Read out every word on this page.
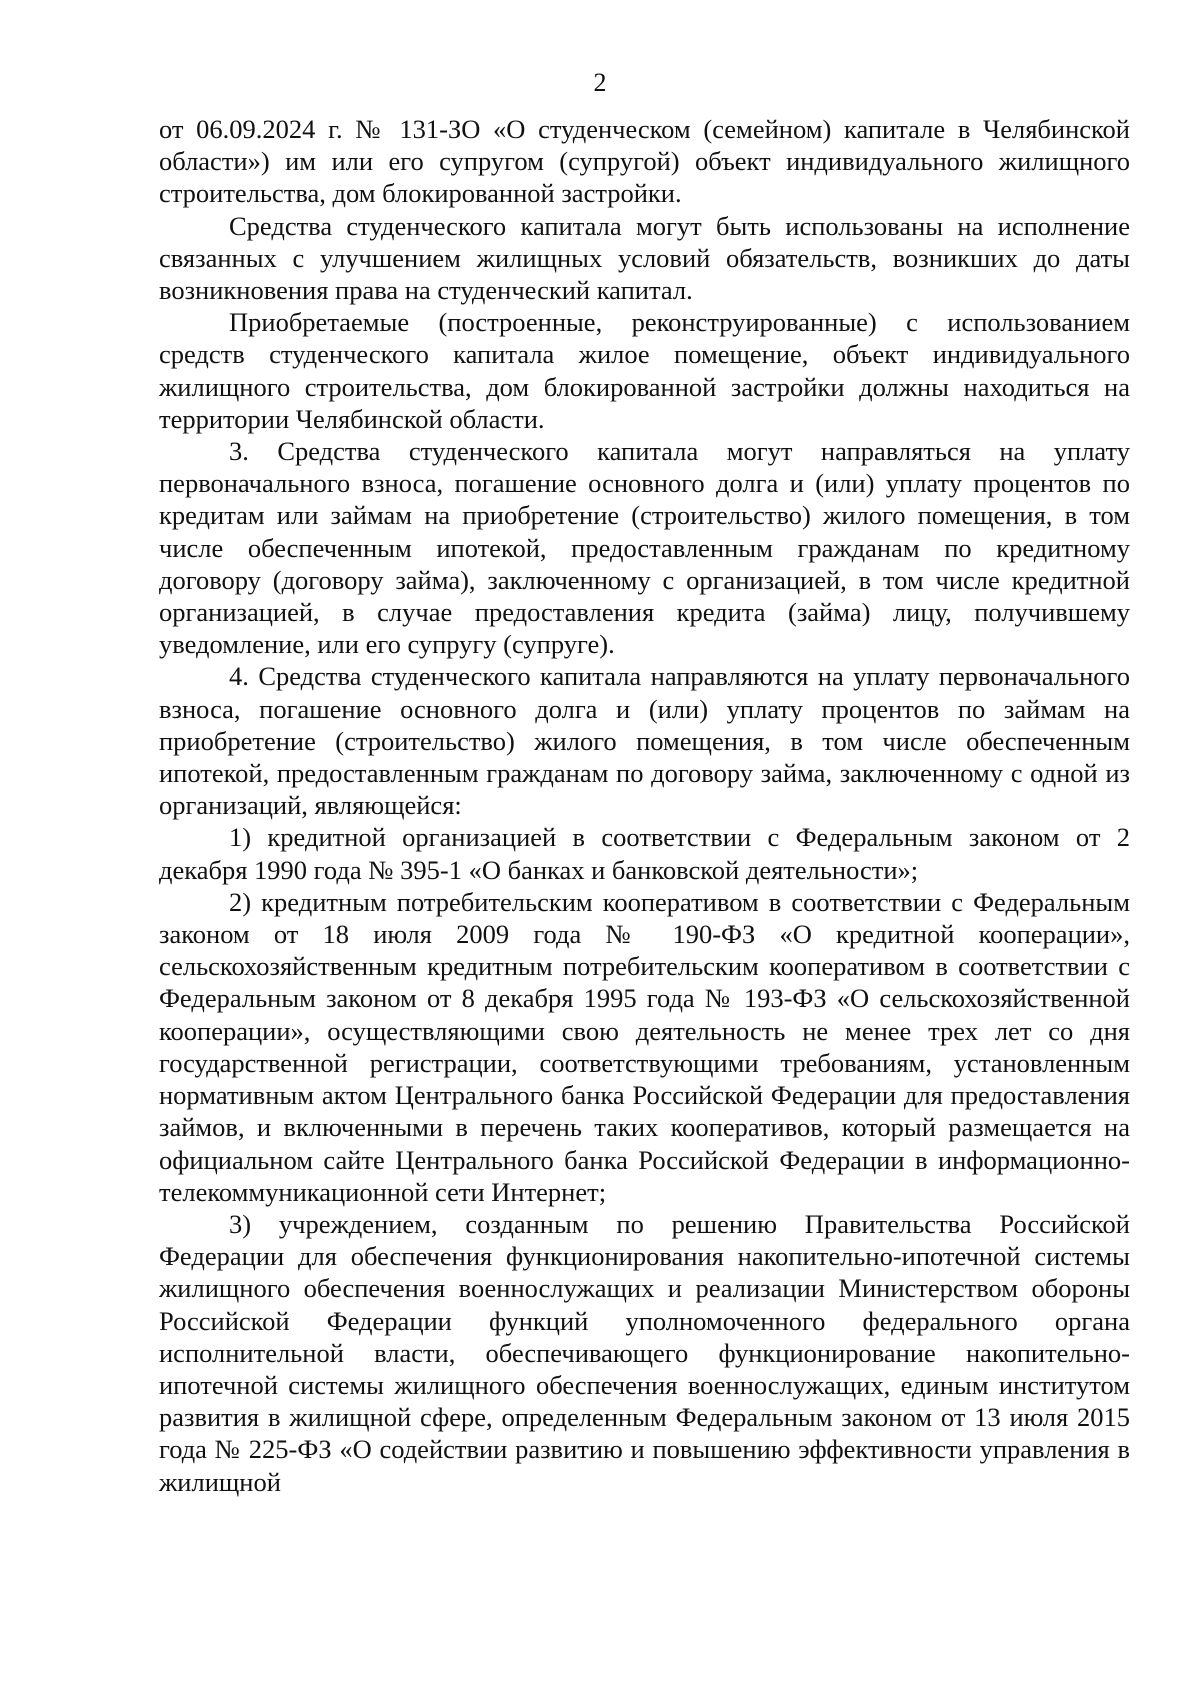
2

от 06.09.2024 г. № 131-ЗО «О студенческом (семейном) капитале в Челябинской области») им или его супругом (супругой) объект индивидуального жилищного строительства, дом блокированной застройки.

Средства студенческого капитала могут быть использованы на исполнение связанных с улучшением жилищных условий обязательств, возникших до даты возникновения права на студенческий капитал.

Приобретаемые (построенные, реконструированные) с использованием средств студенческого капитала жилое помещение, объект индивидуального жилищного строительства, дом блокированной застройки должны находиться на территории Челябинской области.

3. Средства студенческого капитала могут направляться на уплату первоначального взноса, погашение основного долга и (или) уплату процентов по кредитам или займам на приобретение (строительство) жилого помещения, в том числе обеспеченным ипотекой, предоставленным гражданам по кредитному договору (договору займа), заключенному с организацией, в том числе кредитной организацией, в случае предоставления кредита (займа) лицу, получившему уведомление, или его супругу (супруге).

4. Средства студенческого капитала направляются на уплату первоначального взноса, погашение основного долга и (или) уплату процентов по займам на приобретение (строительство) жилого помещения, в том числе обеспеченным ипотекой, предоставленным гражданам по договору займа, заключенному с одной из организаций, являющейся:

1) кредитной организацией в соответствии с Федеральным законом от 2 декабря 1990 года № 395-1 «О банках и банковской деятельности»;

2) кредитным потребительским кооперативом в соответствии с Федеральным законом от 18 июля 2009 года № 190-ФЗ «О кредитной кооперации», сельскохозяйственным кредитным потребительским кооперативом в соответствии с Федеральным законом от 8 декабря 1995 года № 193-ФЗ «О сельскохозяйственной кооперации», осуществляющими свою деятельность не менее трех лет со дня государственной регистрации, соответствующими требованиям, установленным нормативным актом Центрального банка Российской Федерации для предоставления займов, и включенными в перечень таких кооперативов, который размещается на официальном сайте Центрального банка Российской Федерации в информационно-телекоммуникационной сети Интернет;

3) учреждением, созданным по решению Правительства Российской Федерации для обеспечения функционирования накопительно-ипотечной системы жилищного обеспечения военнослужащих и реализации Министерством обороны Российской Федерации функций уполномоченного федерального органа исполнительной власти, обеспечивающего функционирование накопительно-ипотечной системы жилищного обеспечения военнослужащих, единым институтом развития в жилищной сфере, определенным Федеральным законом от 13 июля 2015 года № 225-ФЗ «О содействии развитию и повышению эффективности управления в жилищной
